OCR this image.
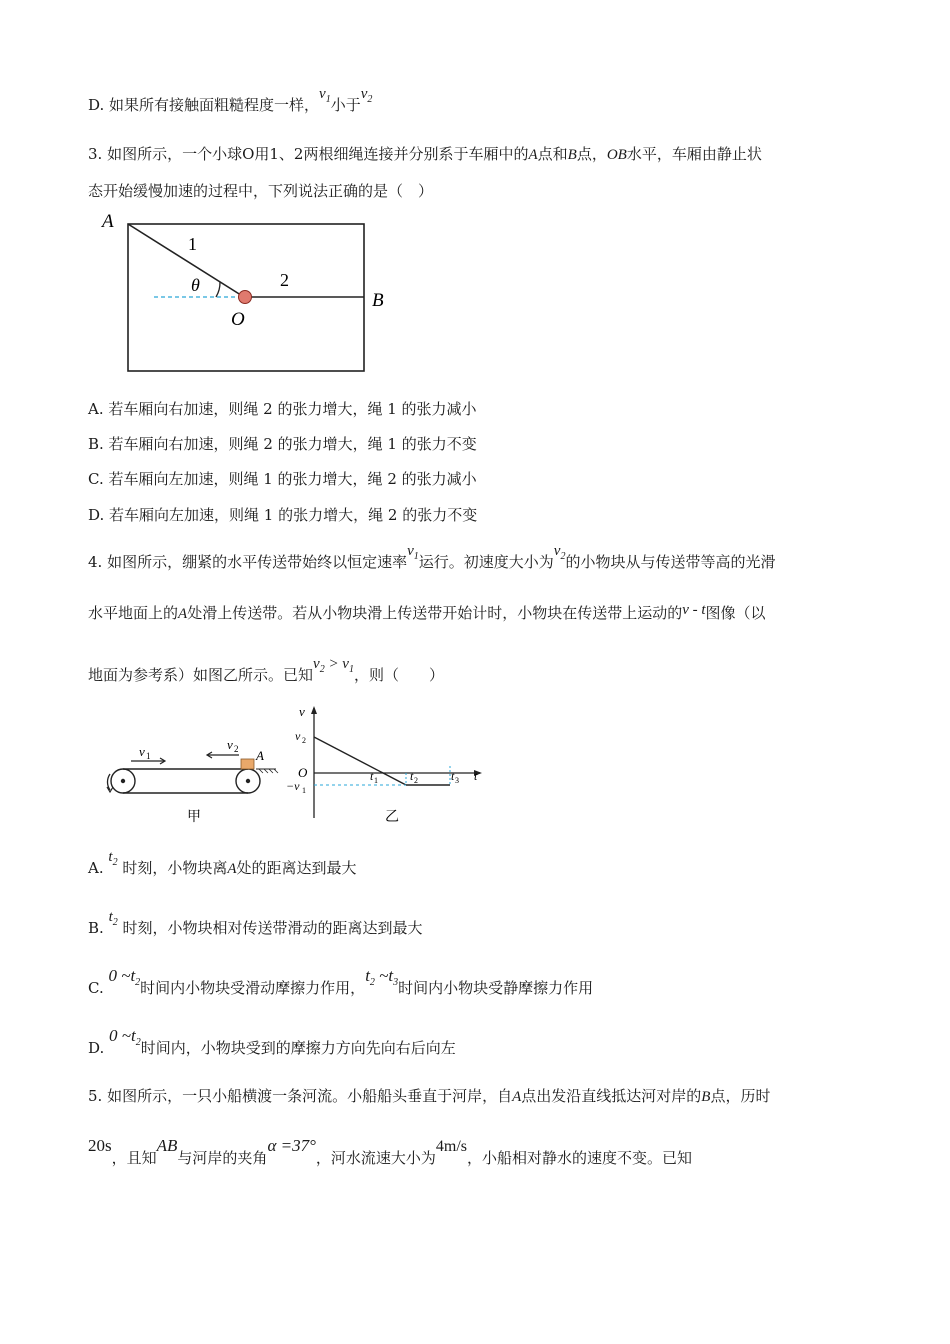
D. 如果所有接触面粗糙程度一样，$v_1$小于$v_2$
3. 如图所示，一个小球O用1、2两根细绳连接并分别系于车厢中的A点和B点，OB水平，车厢由静止状
态开始缓慢加速的过程中，下列说法正确的是（　）
A
1
2
θ
O
B
A. 若车厢向右加速，则绳 2 的张力增大，绳 1 的张力减小
B. 若车厢向右加速，则绳 2 的张力增大，绳 1 的张力不变
C. 若车厢向左加速，则绳 1 的张力增大，绳 2 的张力减小
D. 若车厢向左加速，则绳 1 的张力增大，绳 2 的张力不变
4. 如图所示，绷紧的水平传送带始终以恒定速率$v_1$运行。初速度大小为$v_2$的小物块从与传送带等高的光滑
水平地面上的A处滑上传送带。若从小物块滑上传送带开始计时，小物块在传送带上运动的v - t图像（以
地面为参考系）如图乙所示。已知$v_2 > v_1$，则（　　）
v 1
v 2 A
甲
v
v 2
O
−v 1
t 1	t 2	t 3 t
乙
A. $t_2$ 时刻，小物块离A处的距离达到最大
B. $t_2$ 时刻，小物块相对传送带滑动的距离达到最大
C. 0 $\sim t_2$时间内小物块受滑动摩擦力作用，$t_2$ $\sim t_3$时间内小物块受静摩擦力作用
D. 0 $\sim t_2$时间内，小物块受到的摩擦力方向先向右后向左
5. 如图所示，一只小船横渡一条河流。小船船头垂直于河岸，自A点出发沿直线抵达河对岸的B点，历时
20s，且知AB与河岸的夹角α =37°，河水流速大小为4m/s，小船相对静水的速度不变。已知
